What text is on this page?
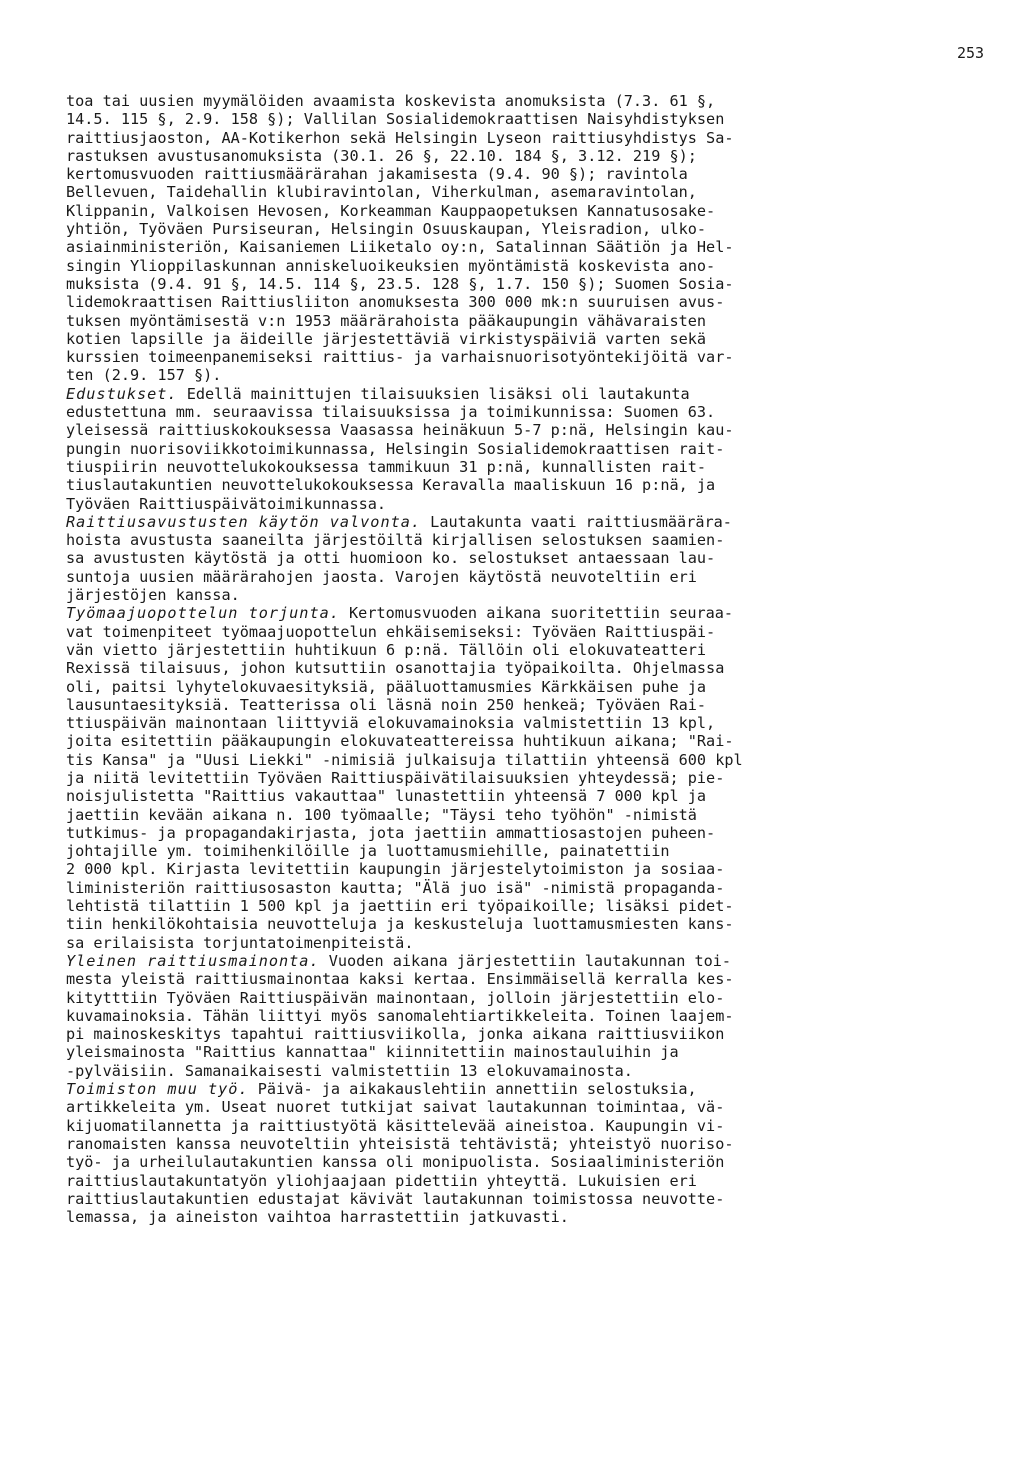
253
toa tai uusien myymälöiden avaamista koskevista anomuksista (7.3. 61 §,
14.5. 115 §, 2.9. 158 §); Vallilan Sosialidemokraattisen Naisyhdistyksen
raittiusjaoston, AA-Kotikerhon sekä Helsingin Lyseon raittiusyhdistys Sa-
rastuksen avustusanomuksista (30.1. 26 §, 22.10. 184 §, 3.12. 219 §);
kertomusvuoden raittiusmäärärahan jakamisesta (9.4. 90 §); ravintola
Bellevuen, Taidehallin klubiravintolan, Viherkulman, asemaravintolan,
Klippanin, Valkoisen Hevosen, Korkeamman Kauppaopetuksen Kannatusosake-
yhtiön, Työväen Pursiseuran, Helsingin Osuuskaupan, Yleisradion, ulko-
asiainministeriön, Kaisaniemen Liiketalo oy:n, Satalinnan Säätiön ja Hel-
singin Ylioppilaskunnan anniskeluoikeuksien myöntämistä koskevista ano-
muksista (9.4. 91 §, 14.5. 114 §, 23.5. 128 §, 1.7. 150 §); Suomen Sosia-
lidemokraattisen Raittiusliiton anomuksesta 300 000 mk:n suuruisen avus-
tuksen myöntämisestä v:n 1953 määrärahoista pääkaupungin vähävaraisten
kotien lapsille ja äideille järjestettäviä virkistyspäiviä varten sekä
kurssien toimeenpanemiseksi raittius- ja varhaisnuorisotyöntekijöitä var-
ten (2.9. 157 §).
Edustukset. Edellä mainittujen tilaisuuksien lisäksi oli lautakunta
edustettuna mm. seuraavissa tilaisuuksissa ja toimikunnissa: Suomen 63.
yleisessä raittiuskokouksessa Vaasassa heinäkuun 5-7 p:nä, Helsingin kau-
pungin nuorisoviikkotoimikunnassa, Helsingin Sosialidemokraattisen rait-
tiuspiirin neuvottelukokouksessa tammikuun 31 p:nä, kunnallisten rait-
tiuslautakuntien neuvottelukokouksessa Keravalla maaliskuun 16 p:nä, ja
Työväen Raittiuspäivätoimikunnassa.
Raittiusavustusten käytön valvonta. Lautakunta vaati raittiusmäärära-
hoista avustusta saaneilta järjestöiltä kirjallisen selostuksen saamien-
sa avustusten käytöstä ja otti huomioon ko. selostukset antaessaan lau-
suntoja uusien määrärahojen jaosta. Varojen käytöstä neuvoteltiin eri
järjestöjen kanssa.
Työmaajuopottelun torjunta. Kertomusvuoden aikana suoritettiin seuraa-
vat toimenpiteet työmaajuopottelun ehkäisemiseksi: Työväen Raittiuspäi-
vän vietto järjestettiin huhtikuun 6 p:nä. Tällöin oli elokuvateatteri
Rexissä tilaisuus, johon kutsuttiin osanottajia työpaikoilta. Ohjelmassa
oli, paitsi lyhytelokuvaesityksiä, pääluottamusmies Kärkkäisen puhe ja
lausuntaesityksiä. Teatterissa oli läsnä noin 250 henkeä; Työväen Rai-
ttiuspäivän mainontaan liittyviä elokuvamainoksia valmistettiin 13 kpl,
joita esitettiin pääkaupungin elokuvateattereissa huhtikuun aikana; "Rai-
tis Kansa" ja "Uusi Liekki" -nimisiä julkaisuja tilattiin yhteensä 600 kpl
ja niitä levitettiin Työväen Raittiuspäivätilaisuuksien yhteydessä; pie-
noisjulistetta "Raittius vakauttaa" lunastettiin yhteensä 7 000 kpl ja
jaettiin kevään aikana n. 100 työmaalle; "Täysi teho työhön" -nimistä
tutkimus- ja propagandakirjasta, jota jaettiin ammattiosastojen puheen-
johtajille ym. toimihenkilöille ja luottamusmiehille, painatettiin
2 000 kpl. Kirjasta levitettiin kaupungin järjestelytoimiston ja sosiaa-
liministeriön raittiusosaston kautta; "Älä juo isä" -nimistä propaganda-
lehtistä tilattiin 1 500 kpl ja jaettiin eri työpaikoille; lisäksi pidet-
tiin henkilökohtaisia neuvotteluja ja keskusteluja luottamusmiesten kans-
sa erilaisista torjuntatoimenpiteistä.
Yleinen raittiusmainonta. Vuoden aikana järjestettiin lautakunnan toi-
mesta yleistä raittiusmainontaa kaksi kertaa. Ensimmäisellä kerralla kes-
kitytttiin Työväen Raittiuspäivän mainontaan, jolloin järjestettiin elo-
kuvamainoksia. Tähän liittyi myös sanomalehtiartikkeleita. Toinen laajem-
pi mainoskeskitys tapahtui raittiusviikolla, jonka aikana raittiusviikon
yleismainosta "Raittius kannattaa" kiinnitettiin mainostauluihin ja
-pylväisiin. Samanaikaisesti valmistettiin 13 elokuvamainosta.
Toimiston muu työ. Päivä- ja aikakauslehtiin annettiin selostuksia,
artikkeleita ym. Useat nuoret tutkijat saivat lautakunnan toimintaa, vä-
kijuomatilannetta ja raittiustyötä käsittelevää aineistoa. Kaupungin vi-
ranomaisten kanssa neuvoteltiin yhteisistä tehtävistä; yhteistyö nuoriso-
työ- ja urheilulautakuntien kanssa oli monipuolista. Sosiaaliministeriön
raittiuslautakuntatyön yliohjaajaan pidettiin yhteyttä. Lukuisien eri
raittiuslautakuntien edustajat kävivät lautakunnan toimistossa neuvotte-
lemassa, ja aineiston vaihtoa harrastettiin jatkuvasti.
